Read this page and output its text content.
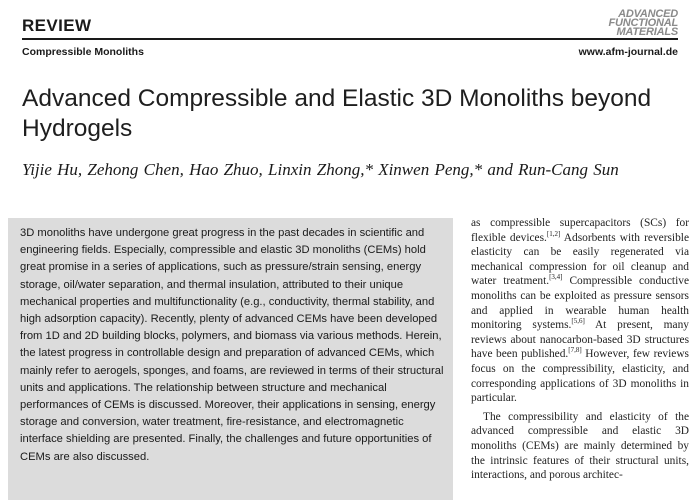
REVIEW
ADVANCED
FUNCTIONAL
MATERIALS
Compressible Monoliths	www.afm-journal.de
Advanced Compressible and Elastic 3D Monoliths beyond Hydrogels
Yijie Hu, Zehong Chen, Hao Zhuo, Linxin Zhong,* Xinwen Peng,* and Run-Cang Sun

3D monoliths have undergone great progress in the past decades in scientific and engineering fields. Especially, compressible and elastic 3D monoliths (CEMs) hold great promise in a series of applications, such as pressure/strain sensing, energy storage, oil/water separation, and thermal insulation, attributed to their unique mechanical properties and multifunctionality (e.g., conductivity, thermal stability, and high adsorption capacity). Recently, plenty of advanced CEMs have been developed from 1D and 2D building blocks, polymers, and biomass via various methods. Herein, the latest progress in controllable design and preparation of advanced CEMs, which mainly refer to aerogels, sponges, and foams, are reviewed in terms of their structural units and applications. The relationship between structure and mechanical performances of CEMs is discussed. Moreover, their applications in sensing, energy storage and conversion, water treatment, fire-resistance, and electromagnetic interface shielding are presented. Finally, the challenges and future opportunities of CEMs are also discussed.

as compressible supercapacitors (SCs) for flexible devices.[1,2] Adsorbents with reversible elasticity can be easily regenerated via mechanical compression for oil cleanup and water treatment.[3,4] Compressible conductive monoliths can be exploited as pressure sensors and applied in wearable human health monitoring systems.[5,6] At present, many reviews about nanocarbon-based 3D structures have been published.[7,8] However, few reviews focus on the compressibility, elasticity, and corresponding applications of 3D monoliths in particular.

The compressibility and elasticity of the advanced compressible and elastic 3D monoliths (CEMs) are mainly determined by the intrinsic features of their structural units, interactions, and porous architec-
